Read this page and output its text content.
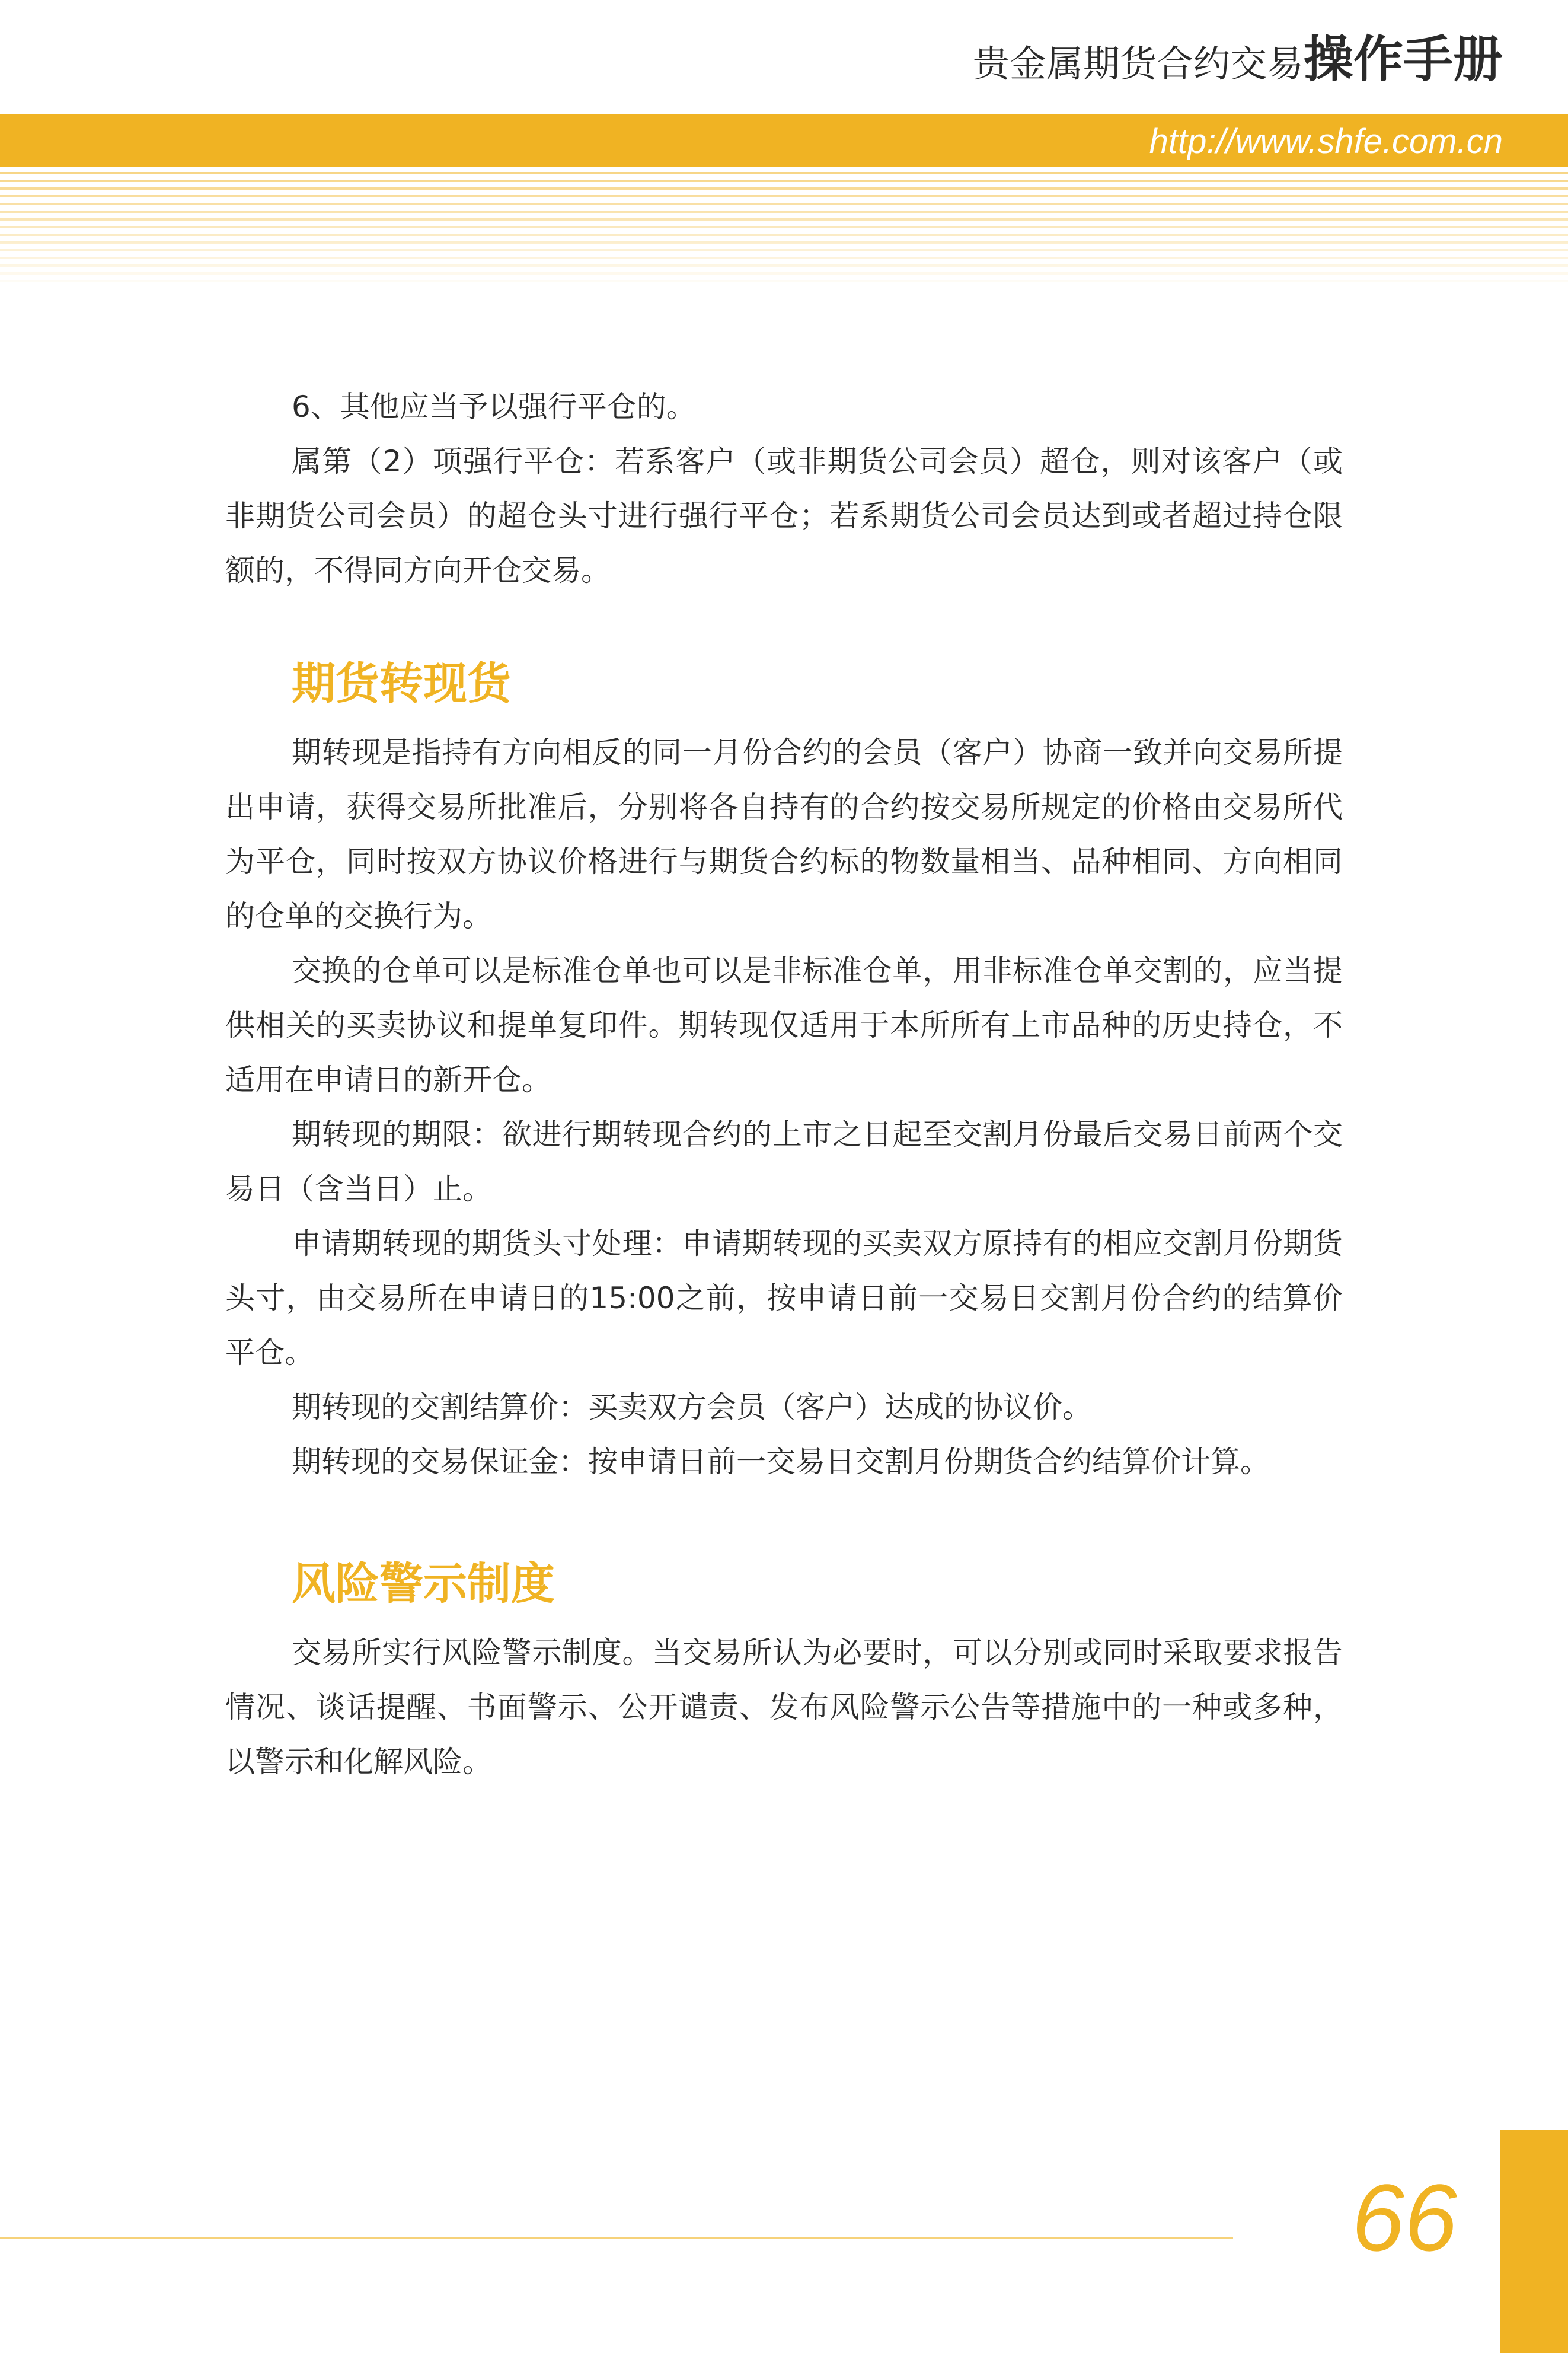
贵金属期货合约交易操作手册
http://www.shfe.com.cn

6、其他应当予以强行平仓的。

属第（2）项强行平仓：若系客户（或非期货公司会员）超仓，则对该客户（或非期货公司会员）的超仓头寸进行强行平仓；若系期货公司会员达到或者超过持仓限额的，不得同方向开仓交易。

期货转现货

期转现是指持有方向相反的同一月份合约的会员（客户）协商一致并向交易所提出申请，获得交易所批准后，分别将各自持有的合约按交易所规定的价格由交易所代为平仓，同时按双方协议价格进行与期货合约标的物数量相当、品种相同、方向相同的仓单的交换行为。

交换的仓单可以是标准仓单也可以是非标准仓单，用非标准仓单交割的，应当提供相关的买卖协议和提单复印件。期转现仅适用于本所所有上市品种的历史持仓，不适用在申请日的新开仓。

期转现的期限：欲进行期转现合约的上市之日起至交割月份最后交易日前两个交易日（含当日）止。

申请期转现的期货头寸处理：申请期转现的买卖双方原持有的相应交割月份期货头寸，由交易所在申请日的15:00之前，按申请日前一交易日交割月份合约的结算价平仓。

期转现的交割结算价：买卖双方会员（客户）达成的协议价。

期转现的交易保证金：按申请日前一交易日交割月份期货合约结算价计算。

风险警示制度

交易所实行风险警示制度。当交易所认为必要时，可以分别或同时采取要求报告情况、谈话提醒、书面警示、公开谴责、发布风险警示公告等措施中的一种或多种，以警示和化解风险。

66
